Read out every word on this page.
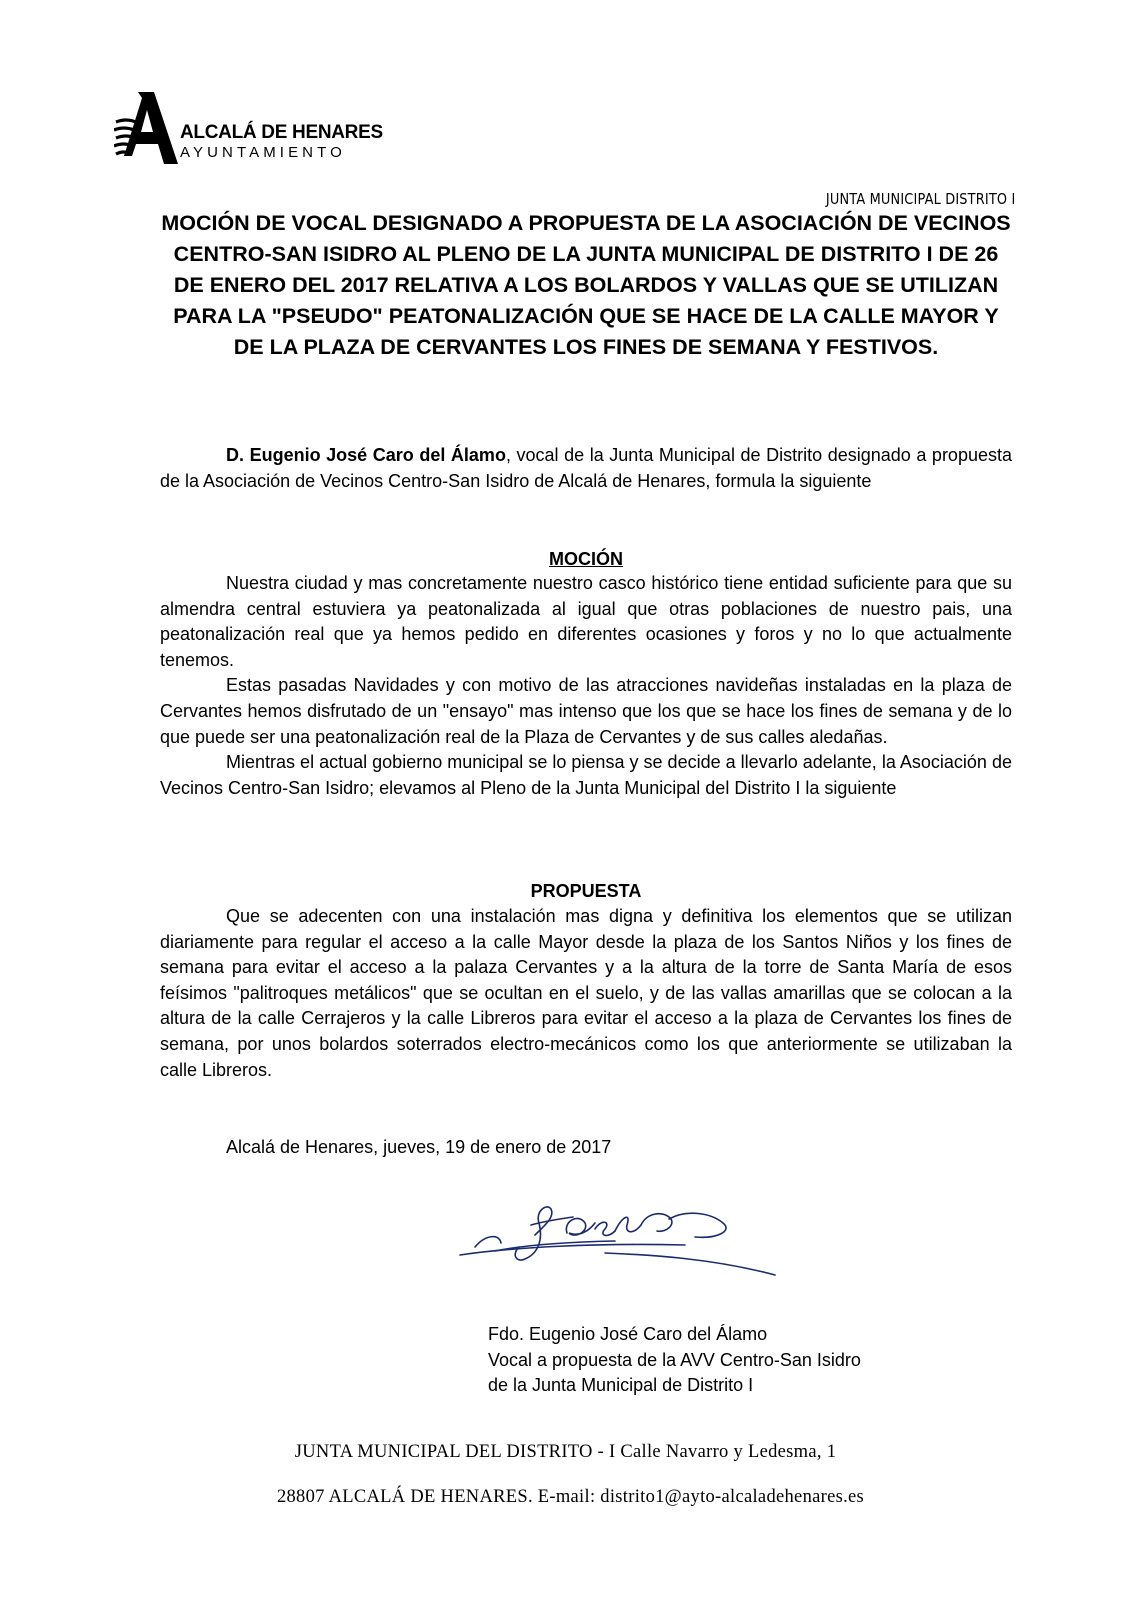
ALCALÁ DE HENARES
AYUNTAMIENTO
JUNTA MUNICIPAL DISTRITO I
MOCIÓN DE VOCAL DESIGNADO A PROPUESTA DE LA ASOCIACIÓN DE VECINOS CENTRO-SAN ISIDRO AL PLENO DE LA JUNTA MUNICIPAL DE DISTRITO I DE 26 DE ENERO DEL 2017 RELATIVA A LOS BOLARDOS Y VALLAS QUE SE UTILIZAN PARA LA "PSEUDO" PEATONALIZACIÓN QUE SE HACE DE LA CALLE MAYOR Y DE LA PLAZA DE CERVANTES LOS FINES DE SEMANA Y FESTIVOS.

D. Eugenio José Caro del Álamo, vocal de la Junta Municipal de Distrito designado a propuesta de la Asociación de Vecinos Centro-San Isidro de Alcalá de Henares, formula la siguiente

MOCIÓN

Nuestra ciudad y mas concretamente nuestro casco histórico tiene entidad suficiente para que su almendra central estuviera ya peatonalizada al igual que otras poblaciones de nuestro pais, una peatonalización real que ya hemos pedido en diferentes ocasiones y foros y no lo que actualmente tenemos.

Estas pasadas Navidades y con motivo de las atracciones navideñas instaladas en la plaza de Cervantes hemos disfrutado de un "ensayo" mas intenso que los que se hace los fines de semana y de lo que puede ser una peatonalización real de la Plaza de Cervantes y de sus calles aledañas.

Mientras el actual gobierno municipal se lo piensa y se decide a llevarlo adelante, la Asociación de Vecinos Centro-San Isidro; elevamos al Pleno de la Junta Municipal del Distrito I la siguiente

PROPUESTA

Que se adecenten con una instalación mas digna y definitiva los elementos que se utilizan diariamente para regular el acceso a la calle Mayor desde la plaza de los Santos Niños y los fines de semana para evitar el acceso a la palaza Cervantes y a la altura de la torre de Santa María de esos feísimos "palitroques metálicos" que se ocultan en el suelo, y de las vallas amarillas que se colocan a la altura de la calle Cerrajeros y la calle Libreros para evitar el acceso a la plaza de Cervantes los fines de semana, por unos bolardos soterrados electro-mecánicos como los que anteriormente se utilizaban la calle Libreros.

Alcalá de Henares, jueves, 19 de enero de 2017
Fdo. Eugenio José Caro del Álamo
Vocal a propuesta de la AVV Centro-San Isidro
de la Junta Municipal de Distrito I
JUNTA MUNICIPAL DEL DISTRITO - I Calle Navarro y Ledesma, 1
28807 ALCALÁ DE HENARES. E-mail: distrito1@ayto-alcaladehenares.es
